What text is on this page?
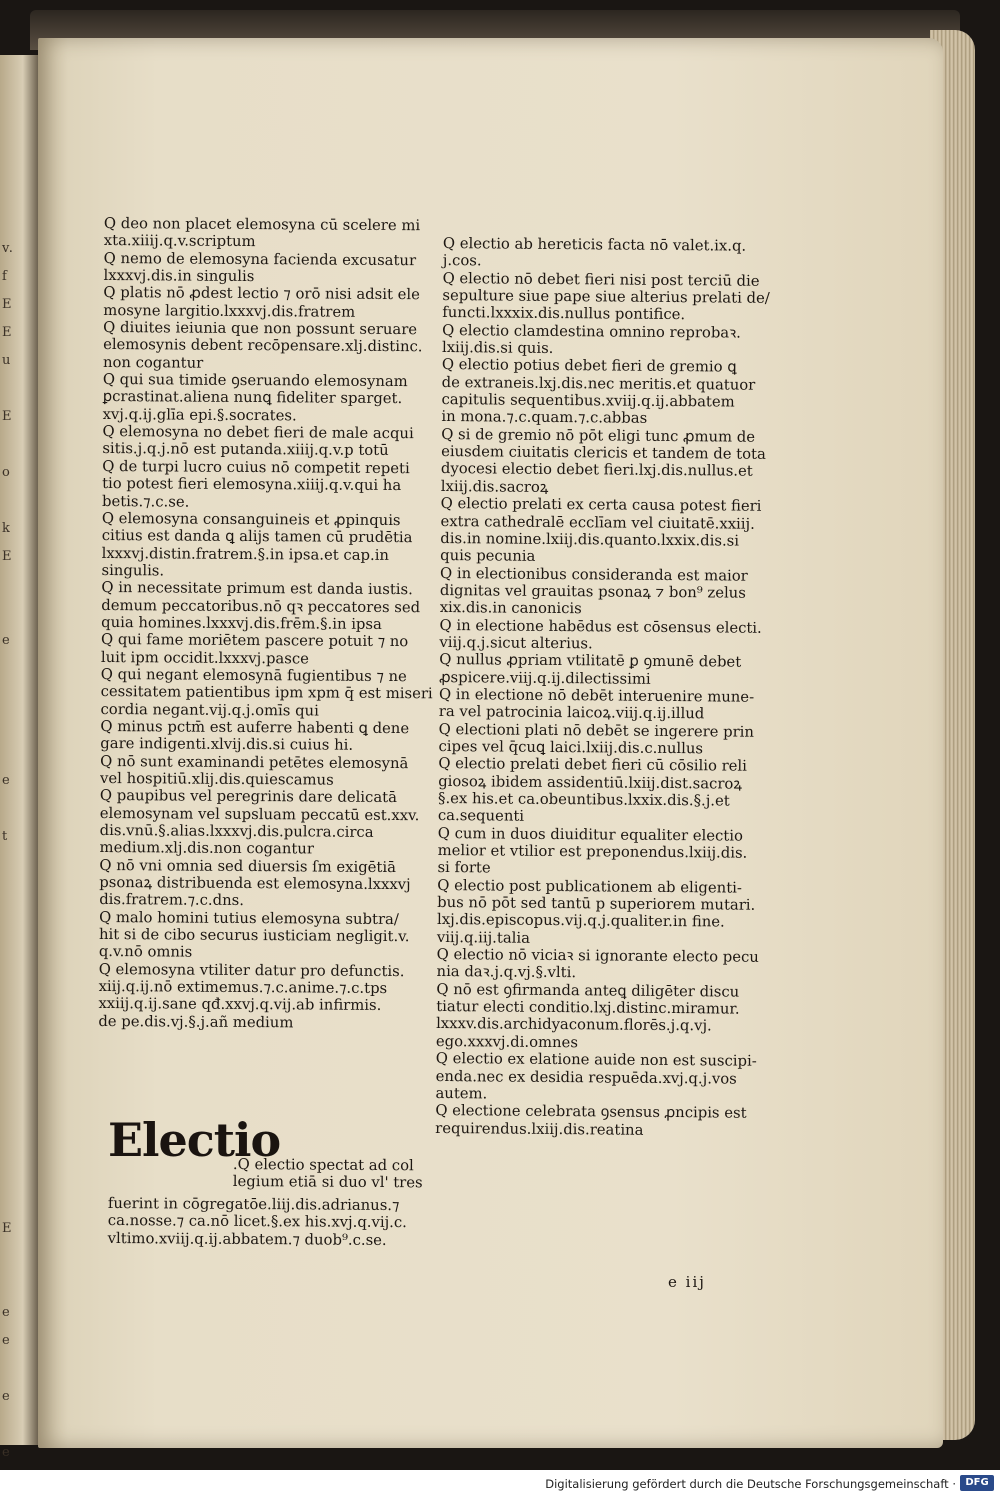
v.
f
E
E
u

E

o

k
E

e

e

t

E

e
e

e

e

Q deo non placet elemosyna cū scelere mi
xta.xiiij.q.v.scriptum
Q nemo de elemosyna facienda excusatur
lxxxvj.dis.in singulis
Q platis nō ꝓdest lectio ⁊ orō nisi adsit ele
mosyne largitio.lxxxvj.dis.fratrem
Q diuites ieiunia que non possunt seruare
elemosynis debent recōpensare.xlj.distinc.
non cogantur
Q qui sua timide ꝯseruando elemosynam
ꝑcrastinat.aliena nunꝗ fideliter sparget.
xvj.q.ij.glīa epi.§.socrates.
Q elemosyna no debet fieri de male acqui
sitis.j.q.j.nō est putanda.xiiij.q.v.p totū
Q de turpi lucro cuius nō competit repeti
tio potest fieri elemosyna.xiiij.q.v.qui ha
betis.⁊.c.se.
Q elemosyna consanguineis et ꝓpinquis
citius est danda ꝗ alijs tamen cū prudētia
lxxxvj.distin.fratrem.§.in ipsa.et cap.in
singulis.
Q in necessitate primum est danda iustis.
demum peccatoribus.nō qꝛ peccatores sed
quia homines.lxxxvj.dis.frēm.§.in ipsa
Q qui fame moriētem pascere potuit ⁊ no
luit ipm occidit.lxxxvj.pasce
Q qui negant elemosynā fugientibus ⁊ ne
cessitatem patientibus ipm xpm q̄ est miseri
cordia negant.vij.q.j.omīs qui
Q minus pctm̄ est auferre habenti ꝗ dene
gare indigenti.xlvij.dis.si cuius hi.
Q nō sunt examinandi petētes elemosynā
vel hospitiū.xlij.dis.quiescamus
Q paupibus vel peregrinis dare delicatā
elemosynam vel supsluam peccatū est.xxv.
dis.vnū.§.alias.lxxxvj.dis.pulcra.circa
medium.xlj.dis.non cogantur
Q nō vni omnia sed diuersis ſm exigētiā
psonaꝝ distribuenda est elemosyna.lxxxvj
dis.fratrem.⁊.c.dns.
Q malo homini tutius elemosyna subtra/
hit si de cibo securus iusticiam negligit.v.
q.v.nō omnis
Q elemosyna vtiliter datur pro defunctis.
xiij.q.ij.nō extimemus.⁊.c.anime.⁊.c.tps
xxiij.q.ij.sane qđ.xxvj.q.vij.ab infirmis.
de pe.dis.vj.§.j.añ medium
Q electio ab hereticis facta nō valet.ix.q.
j.cos.
Q electio nō debet fieri nisi post terciū die
sepulture siue pape siue alterius prelati de/
functi.lxxxix.dis.nullus pontifice.
Q electio clamdestina omnino reprobaꝛ.
lxiij.dis.si quis.
Q electio potius debet fieri de gremio ꝗ
de extraneis.lxj.dis.nec meritis.et quatuor
capitulis sequentibus.xviij.q.ij.abbatem
in mona.⁊.c.quam.⁊.c.abbas
Q si de gremio nō pōt eligi tunc ꝓmum de
eiusdem ciuitatis clericis et tandem de tota
dyocesi electio debet fieri.lxj.dis.nullus.et
lxiij.dis.sacroꝝ
Q electio prelati ex certa causa potest fieri
extra cathedralē ecclīam vel ciuitatē.xxiij.
dis.in nomine.lxiij.dis.quanto.lxxix.dis.si
quis pecunia
Q in electionibus consideranda est maior
dignitas vel grauitas psonaꝝ ⁊ bon⁹ zelus
xix.dis.in canonicis
Q in electione habēdus est cōsensus electi.
viij.q.j.sicut alterius.
Q nullus ꝓpriam vtilitatē ꝑ ꝯmunē debet
ꝓspicere.viij.q.ij.dilectissimi
Q in electione nō debēt interuenire mune-
ra vel patrocinia laicoꝝ.viij.q.ij.illud
Q electioni plati nō debēt se ingerere prin
cipes vel q̄cuꝗ laici.lxiij.dis.c.nullus
Q electio prelati debet fieri cū cōsilio reli
giosoꝝ ibidem assidentiū.lxiij.dist.sacroꝝ
§.ex his.et ca.obeuntibus.lxxix.dis.§.j.et
ca.sequenti
Q cum in duos diuiditur equaliter electio
melior et vtilior est preponendus.lxiij.dis.
si forte
Q electio post publicationem ab eligenti-
bus nō pōt sed tantū p superiorem mutari.
lxj.dis.episcopus.vij.q.j.qualiter.in fine.
viij.q.iij.talia
Q electio nō viciaꝛ si ignorante electo pecu
nia daꝛ.j.q.vj.§.vlti.
Q nō est ꝯfirmanda anteꝗ diligēter discu
tiatur electi conditio.lxj.distinc.miramur.
lxxxv.dis.archidyaconum.florēs.j.q.vj.
ego.xxxvj.di.omnes
Q electio ex elatione auide non est suscipi-
enda.nec ex desidia respuēda.xvj.q.j.vos
autem.
Q electione celebrata ꝯsensus ꝓncipis est
requirendus.lxiij.dis.reatina
Electio
.Q electio spectat ad col
legium etiā si duo vl' tres
fuerint in cōgregatōe.liij.dis.adrianus.⁊
ca.nosse.⁊ ca.nō licet.§.ex his.xvj.q.vij.c.
vltimo.xviij.q.ij.abbatem.⁊ duob⁹.c.se.
e iij
Digitalisierung gefördert durch die Deutsche Forschungsgemeinschaft · DFG
